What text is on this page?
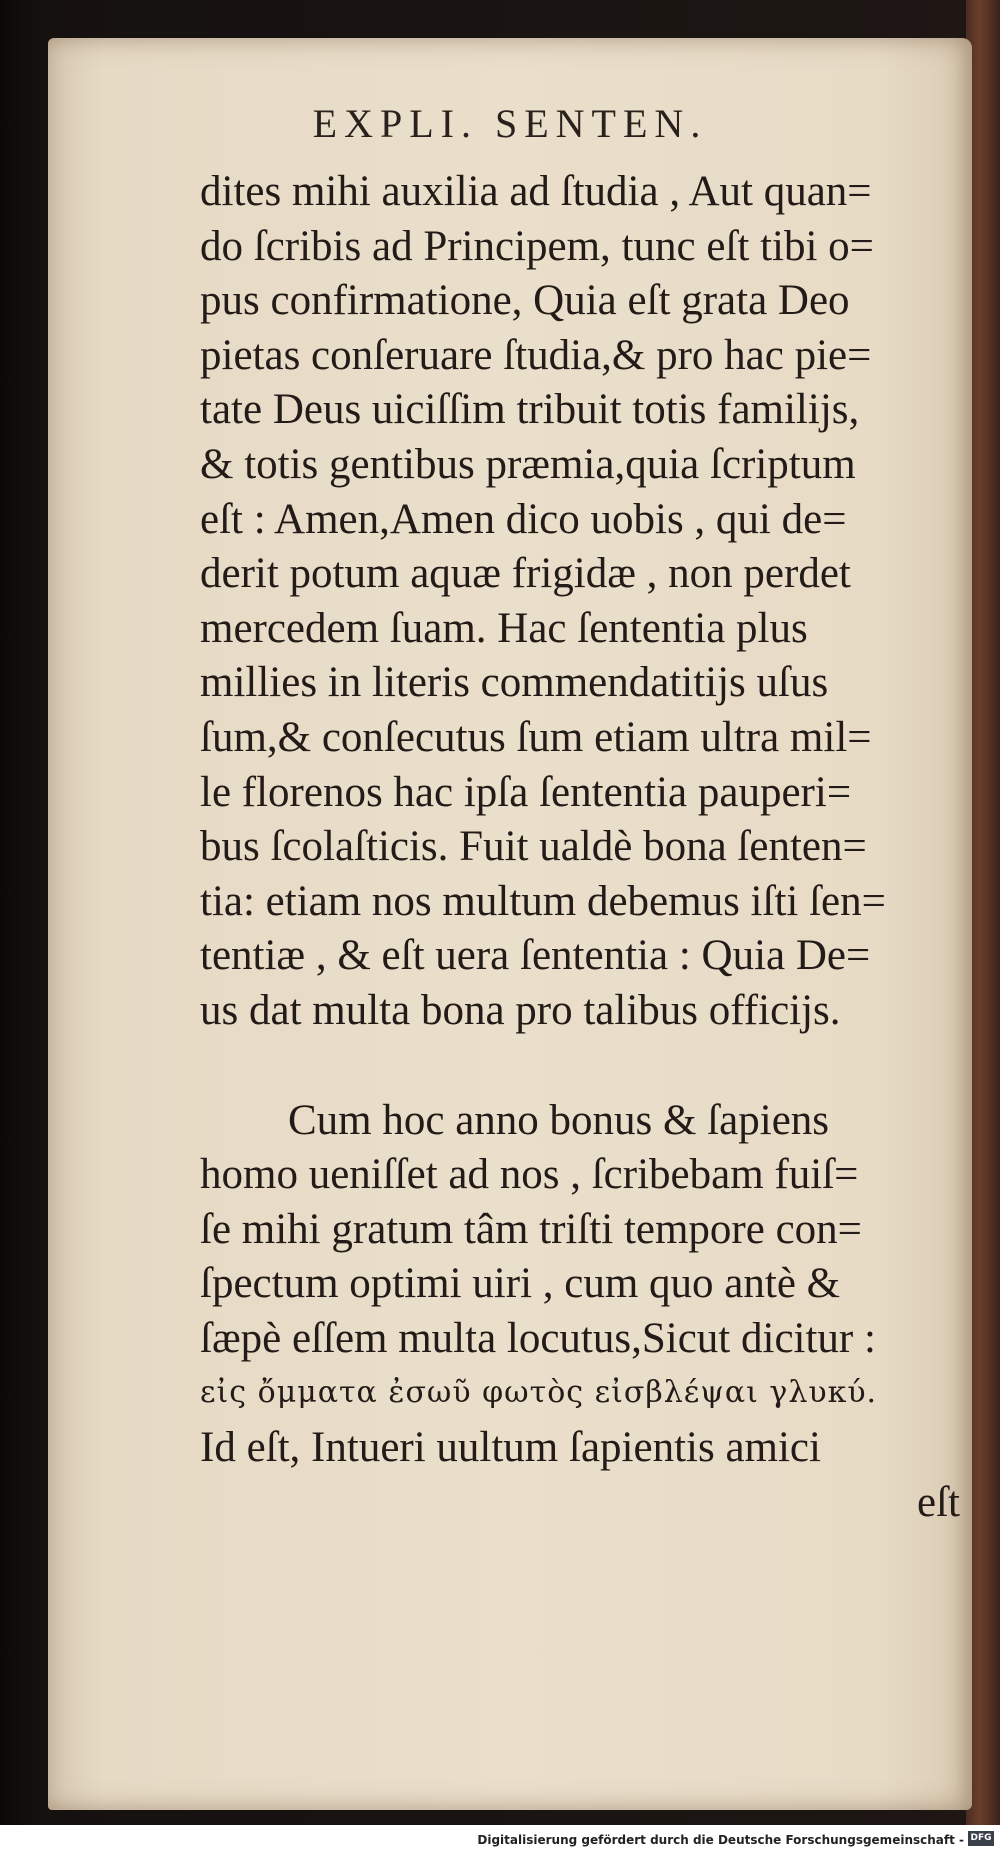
EXPLI. SENTEN.
dites mihi auxilia ad ſtudia , Aut quan=
do ſcribis ad Principem, tunc eſt tibi o=
pus confirmatione, Quia eſt grata Deo
pietas conſeruare ſtudia,& pro hac pie=
tate Deus uiciſſim tribuit totis familijs,
& totis gentibus præmia,quia ſcriptum
eſt : Amen,Amen dico uobis , qui de=
derit potum aquæ frigidæ , non perdet
mercedem ſuam. Hac ſententia plus
millies in literis commendatitijs uſus
ſum,& conſecutus ſum etiam ultra mil=
le florenos hac ipſa ſententia pauperi=
bus ſcolaſticis. Fuit ualdè bona ſenten=
tia: etiam nos multum debemus iſti ſen=
tentiæ , & eſt uera ſententia : Quia De=
us dat multa bona pro talibus officijs.
Cum hoc anno bonus & ſapiens
homo ueniſſet ad nos , ſcribebam fuiſ=
ſe mihi gratum tâm triſti tempore con=
ſpectum optimi uiri , cum quo antè &
ſæpè eſſem multa locutus,Sicut dicitur :
εἰς ὄμματα ἐσωῦ φωτὸς εἰσβλέψαι γλυκύ.
Id eſt, Intueri uultum ſapientis amici
eſt
Digitalisierung gefördert durch die Deutsche Forschungsgemeinschaft - DFG
